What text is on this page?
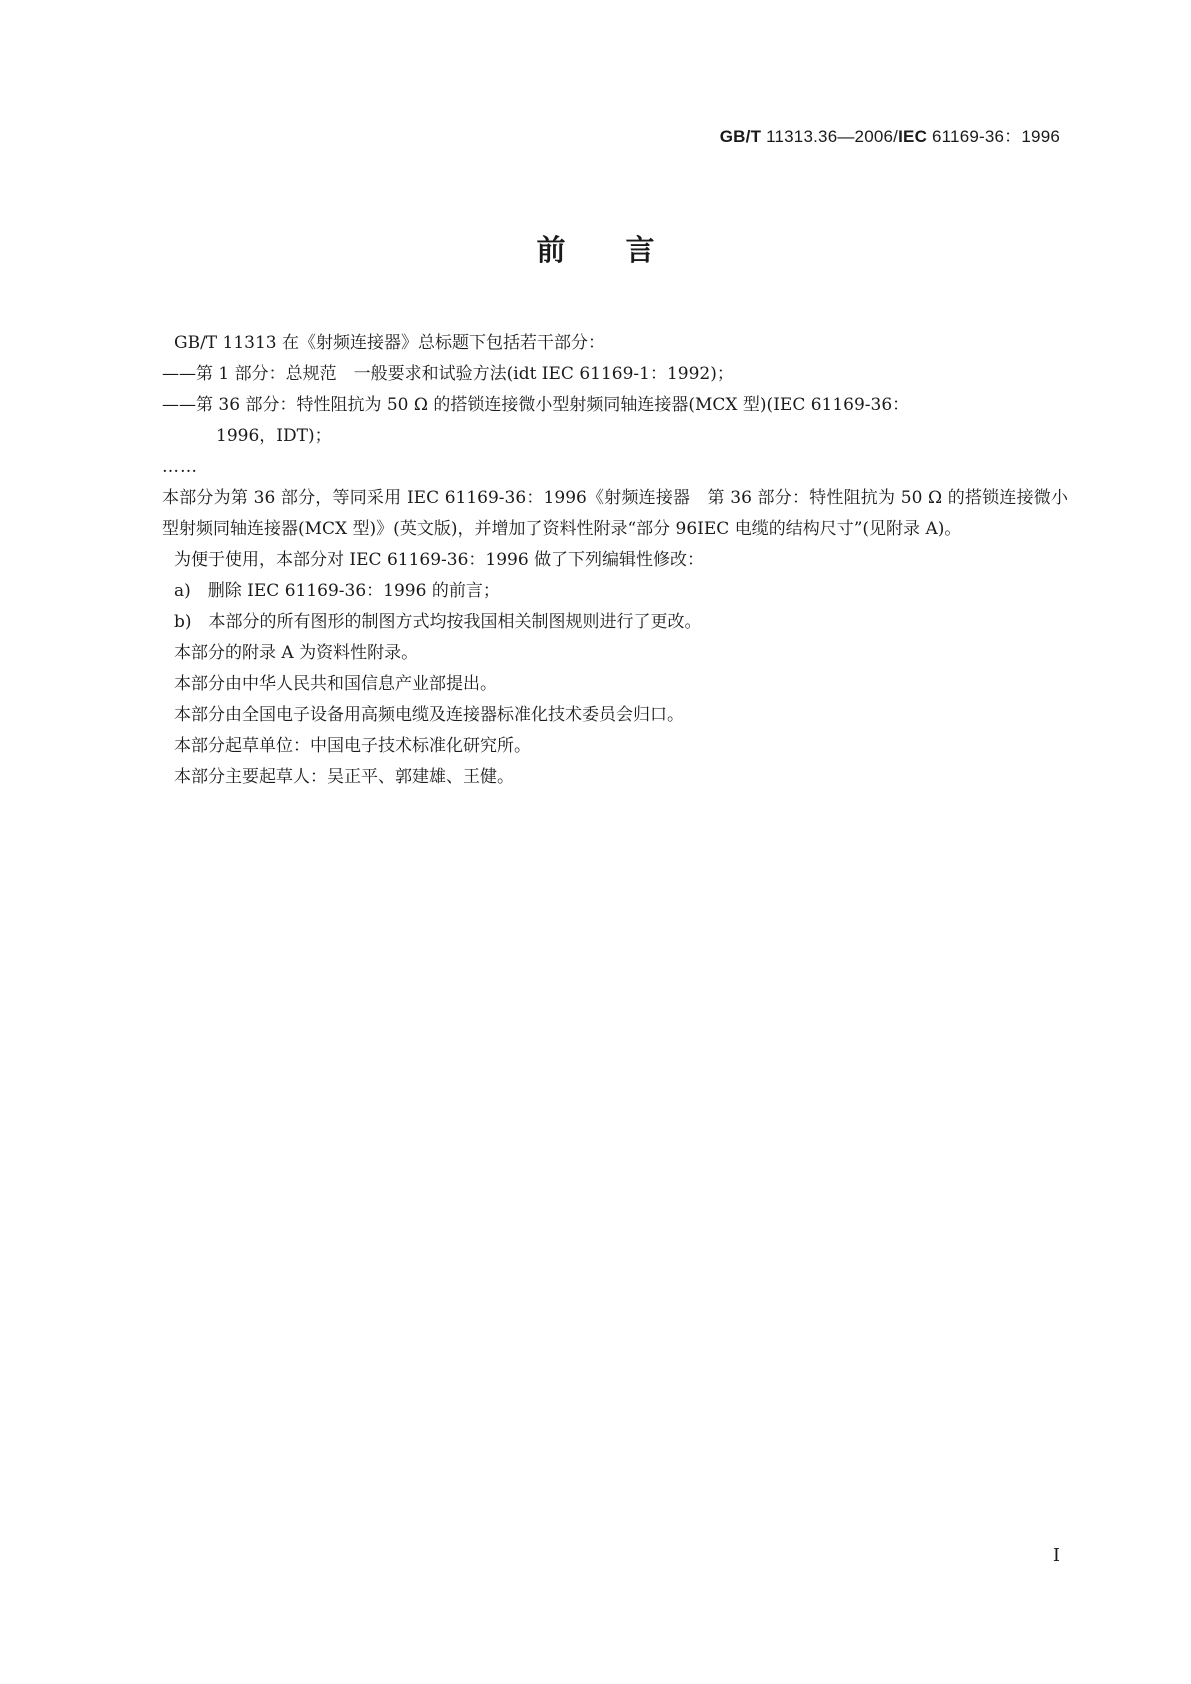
GB/T 11313.36—2006/IEC 61169-36：1996
前言

GB/T 11313 在《射频连接器》总标题下包括若干部分：

——第 1 部分：总规范　一般要求和试验方法(idt IEC 61169-1：1992)；

——第 36 部分：特性阻抗为 50 Ω 的搭锁连接微小型射频同轴连接器(MCX 型)(IEC 61169-36：

1996，IDT)；

……

本部分为第 36 部分，等同采用 IEC 61169-36：1996《射频连接器　第 36 部分：特性阻抗为 50 Ω 的搭锁连接微小型射频同轴连接器(MCX 型)》(英文版)，并增加了资料性附录“部分 96IEC 电缆的结构尺寸”(见附录 A)。

为便于使用，本部分对 IEC 61169-36：1996 做了下列编辑性修改：

a)　删除 IEC 61169-36：1996 的前言；

b)　本部分的所有图形的制图方式均按我国相关制图规则进行了更改。

本部分的附录 A 为资料性附录。

本部分由中华人民共和国信息产业部提出。

本部分由全国电子设备用高频电缆及连接器标准化技术委员会归口。

本部分起草单位：中国电子技术标准化研究所。

本部分主要起草人：吴正平、郭建雄、王健。

I
